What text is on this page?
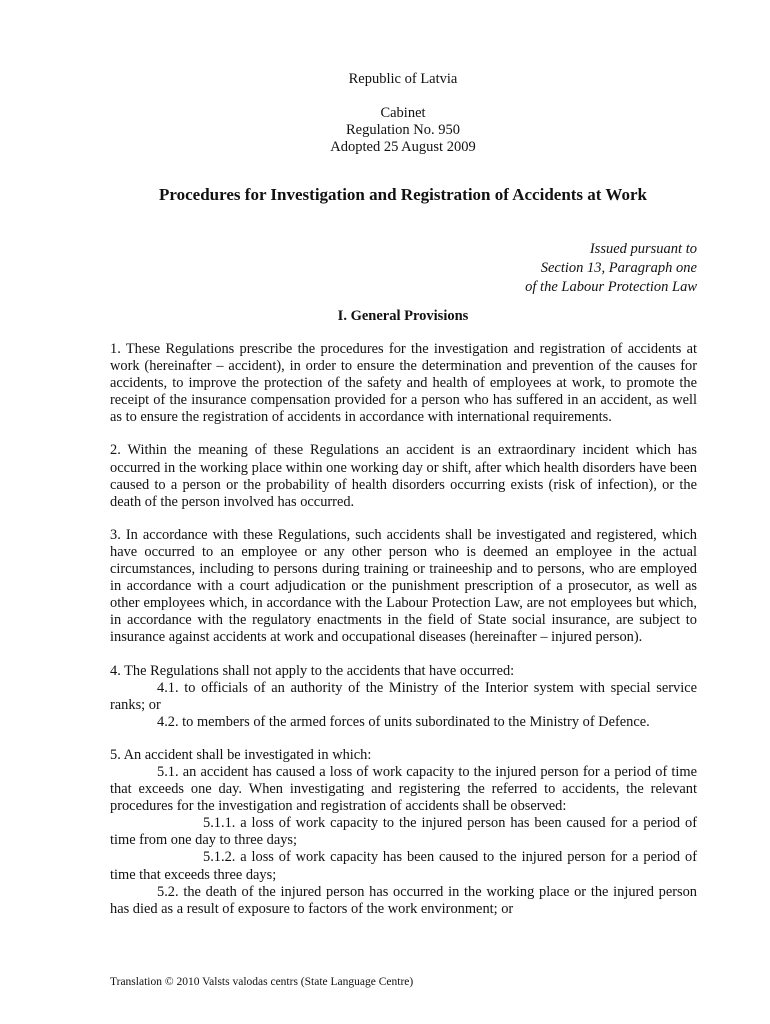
Republic of Latvia
Cabinet
Regulation No. 950
Adopted 25 August 2009
Procedures for Investigation and Registration of Accidents at Work
Issued pursuant to
Section 13, Paragraph one
of the Labour Protection Law
I. General Provisions

1. These Regulations prescribe the procedures for the investigation and registration of accidents at work (hereinafter – accident), in order to ensure the determination and prevention of the causes for accidents, to improve the protection of the safety and health of employees at work, to promote the receipt of the insurance compensation provided for a person who has suffered in an accident, as well as to ensure the registration of accidents in accordance with international requirements.

2. Within the meaning of these Regulations an accident is an extraordinary incident which has occurred in the working place within one working day or shift, after which health disorders have been caused to a person or the probability of health disorders occurring exists (risk of infection), or the death of the person involved has occurred.

3. In accordance with these Regulations, such accidents shall be investigated and registered, which have occurred to an employee or any other person who is deemed an employee in the actual circumstances, including to persons during training or traineeship and to persons, who are employed in accordance with a court adjudication or the punishment prescription of a prosecutor, as well as other employees which, in accordance with the Labour Protection Law, are not employees but which, in accordance with the regulatory enactments in the field of State social insurance, are subject to insurance against accidents at work and occupational diseases (hereinafter – injured person).

4. The Regulations shall not apply to the accidents that have occurred:

4.1. to officials of an authority of the Ministry of the Interior system with special service ranks; or

4.2. to members of the armed forces of units subordinated to the Ministry of Defence.

5. An accident shall be investigated in which:

5.1. an accident has caused a loss of work capacity to the injured person for a period of time that exceeds one day. When investigating and registering the referred to accidents, the relevant procedures for the investigation and registration of accidents shall be observed:

5.1.1. a loss of work capacity to the injured person has been caused for a period of time from one day to three days;

5.1.2. a loss of work capacity has been caused to the injured person for a period of time that exceeds three days;

5.2. the death of the injured person has occurred in the working place or the injured person has died as a result of exposure to factors of the work environment; or

Translation © 2010 Valsts valodas centrs (State Language Centre)
